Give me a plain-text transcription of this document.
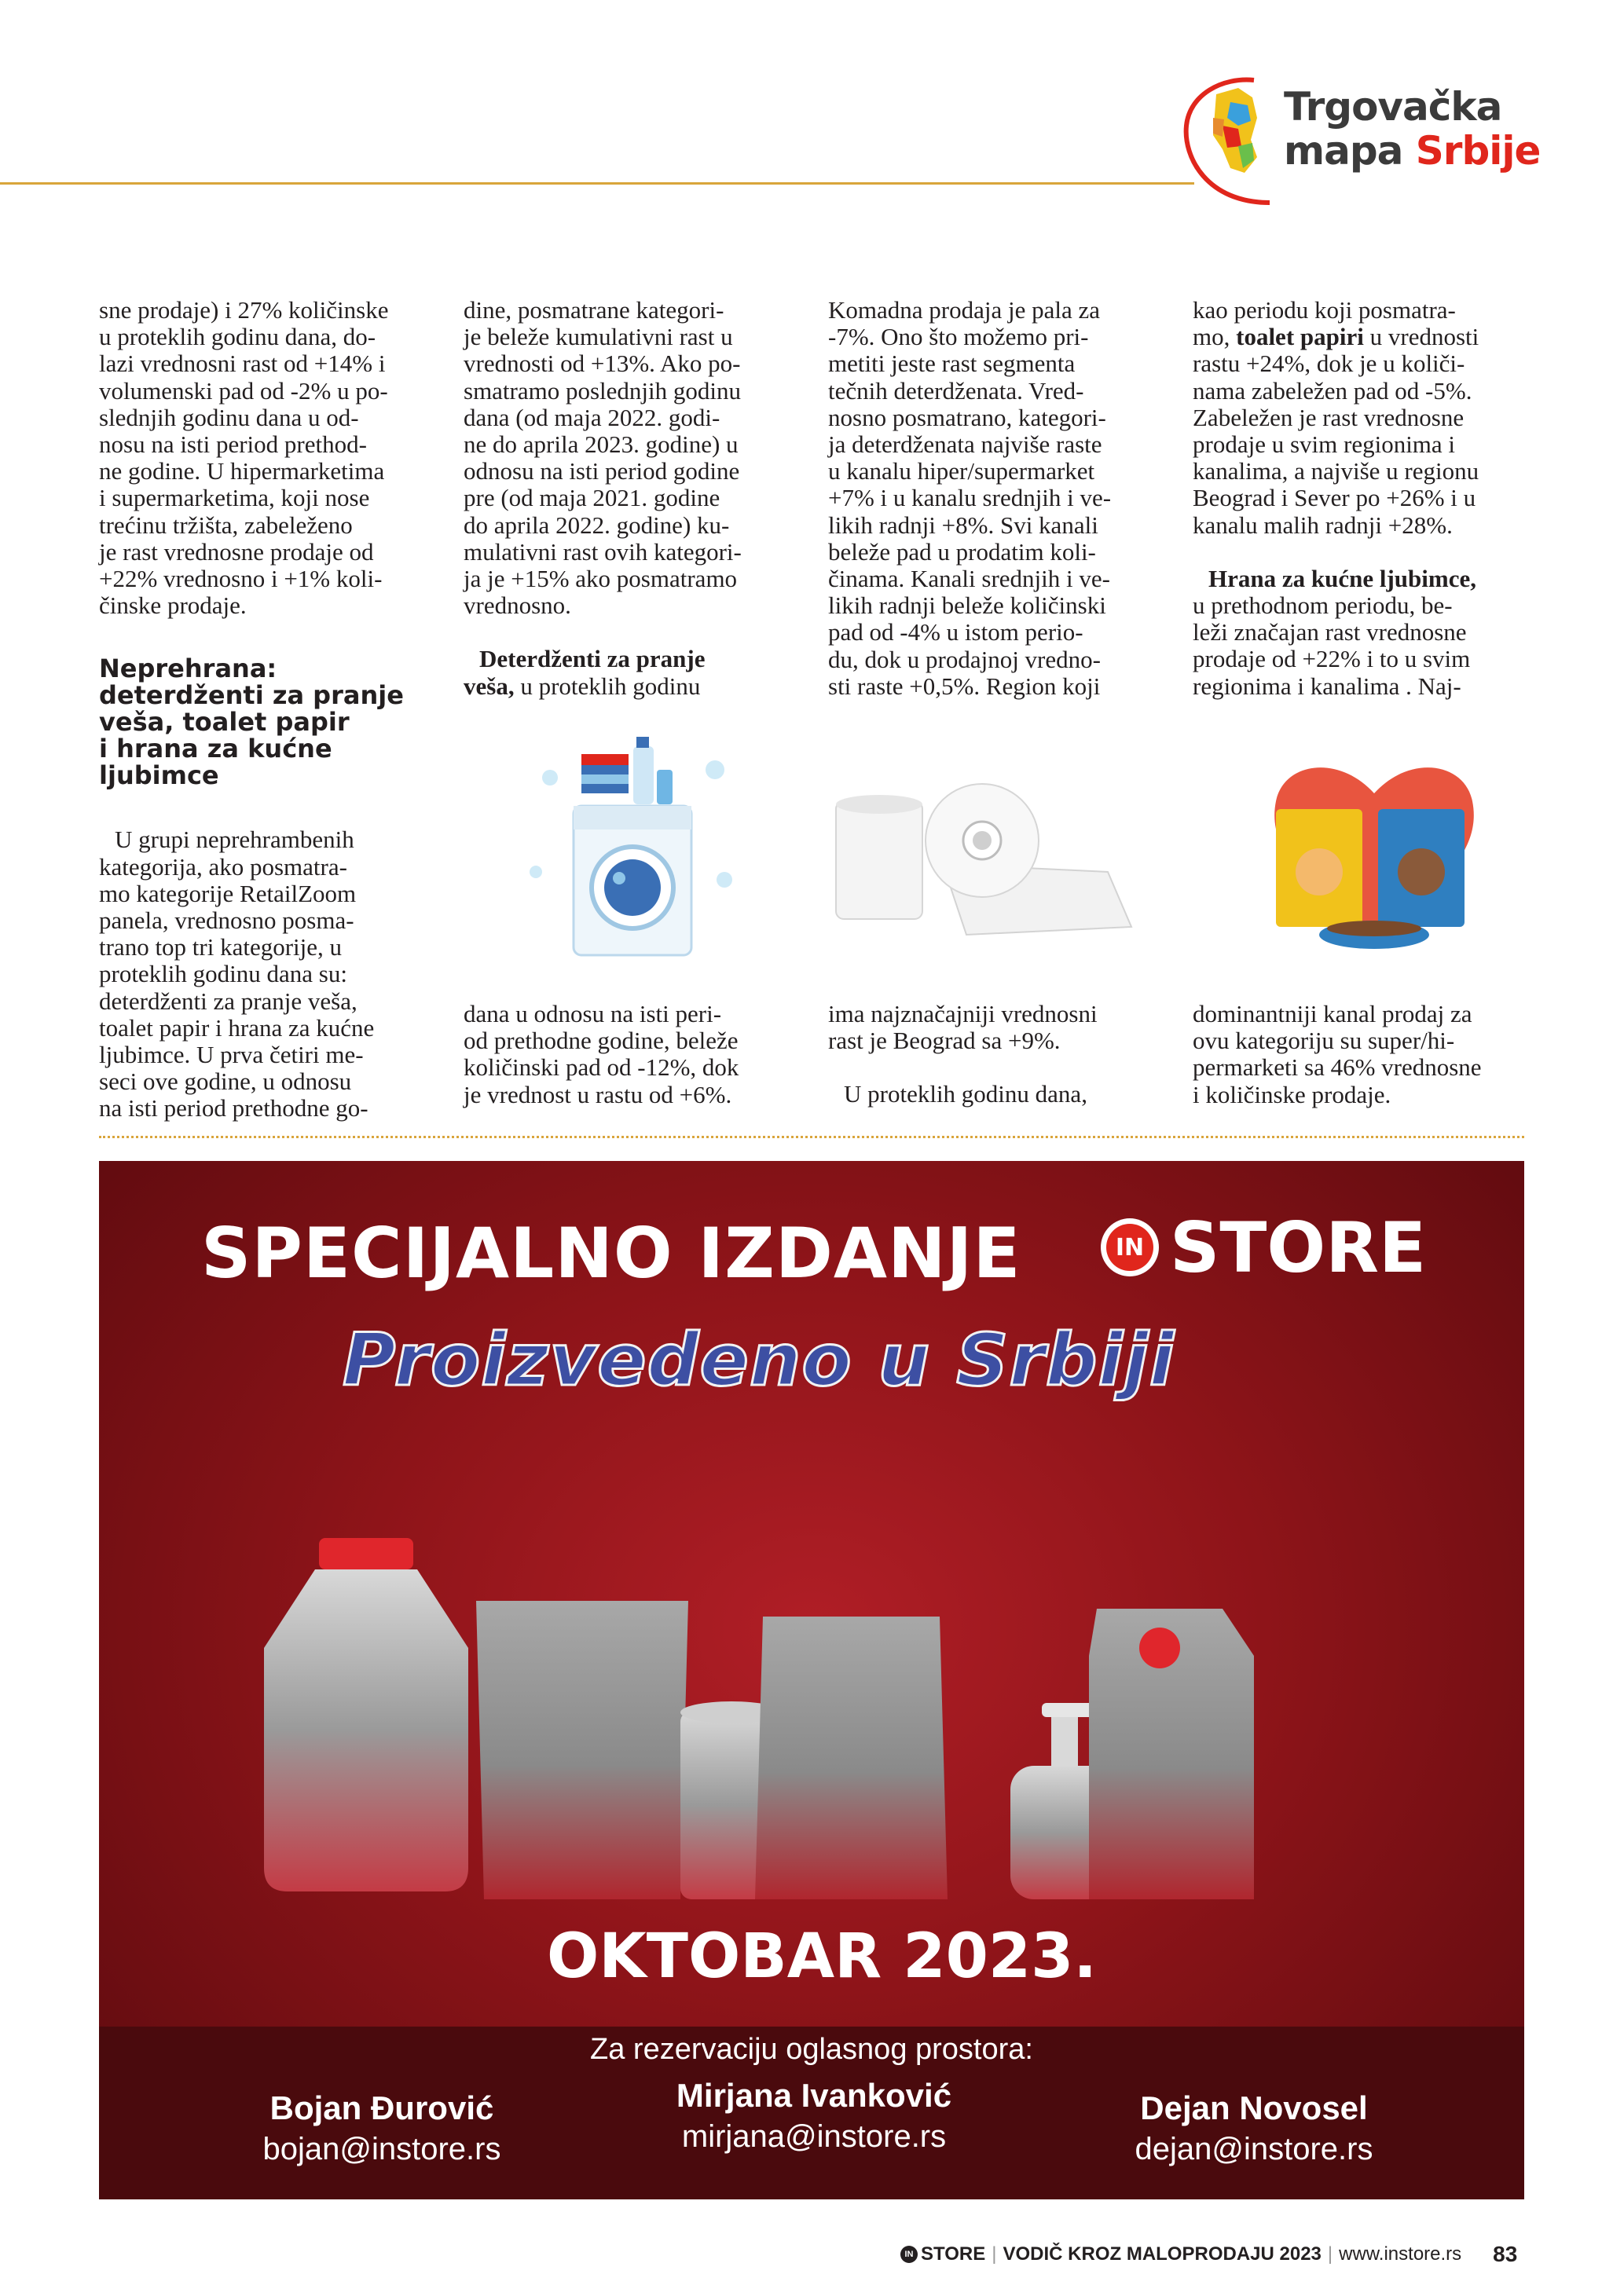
Trgovačka
mapa Srbije

sne prodaje) i 27% količinske
u proteklih godinu dana, do-
lazi vrednosni rast od +14% i
volumenski pad od -2% u po-
slednjih godinu dana u od-
nosu na isti period prethod-
ne godine. U hipermarketima
i supermarketima, koji nose
trećinu tržišta, zabeleženo
je rast vrednosne prodaje od
+22% vrednosno i +1% koli-
činske prodaje.

Neprehrana:
deterdženti za pranje
veša, toalet papir
i hrana za kućne
ljubimce

U grupi neprehrambenih
kategorija, ako posmatra-
mo kategorije RetailZoom
panela, vrednosno posma-
trano top tri kategorije, u
proteklih godinu dana su:
deterdženti za pranje veša,
toalet papir i hrana za kućne
ljubimce. U prva četiri me-
seci ove godine, u odnosu
na isti period prethodne go-

dine, posmatrane kategori-
je beleže kumulativni rast u
vrednosti od +13%. Ako po-
smatramo poslednjih godinu
dana (od maja 2022. godi-
ne do aprila 2023. godine) u
odnosu na isti period godine
pre (od maja 2021. godine
do aprila 2022. godine) ku-
mulativni rast ovih kategori-
ja je +15% ako posmatramo
vrednosno.

Deterdženti za pranje
veša, u proteklih godinu

dana u odnosu na isti peri-
od prethodne godine, beleže
količinski pad od -12%, dok
je vrednost u rastu od +6%.

Komadna prodaja je pala za
-7%. Ono što možemo pri-
metiti jeste rast segmenta
tečnih deterdženata. Vred-
nosno posmatrano, kategori-
ja deterdženata najviše raste
u kanalu hiper/supermarket
+7% i u kanalu srednjih i ve-
likih radnji +8%. Svi kanali
beleže pad u prodatim koli-
činama. Kanali srednjih i ve-
likih radnji beleže količinski
pad od -4% u istom perio-
du, dok u prodajnoj vredno-
sti raste +0,5%. Region koji

ima najznačajniji vrednosni
rast je Beograd sa +9%.

U proteklih godinu dana,

kao periodu koji posmatra-
mo, toalet papiri u vrednosti
rastu +24%, dok je u količi-
nama zabeležen pad od -5%.
Zabeležen je rast vrednosne
prodaje u svim regionima i
kanalima, a najviše u regionu
Beograd i Sever po +26% i u
kanalu malih radnji +28%.

Hrana za kućne ljubimce,
u prethodnom periodu, be-
leži značajan rast vrednosne
prodaje od +22% i to u svim
regionima i kanalima . Naj-

dominantniji kanal prodaj za
ovu kategoriju su super/hi-
permarketi sa 46% vrednosne
i količinske prodaje.

SPECIJALNO IZDANJE	IN STORE
Proizvedeno u Srbiji
OKTOBAR 2023.
Za rezervaciju oglasnog prostora:
Bojan Đurović
bojan@instore.rs
Mirjana Ivanković
mirjana@instore.rs
Dejan Novosel
dejan@instore.rs
IN STORE | VODIČ KROZ MALOPRODAJU 2023 | www.instore.rs 83
